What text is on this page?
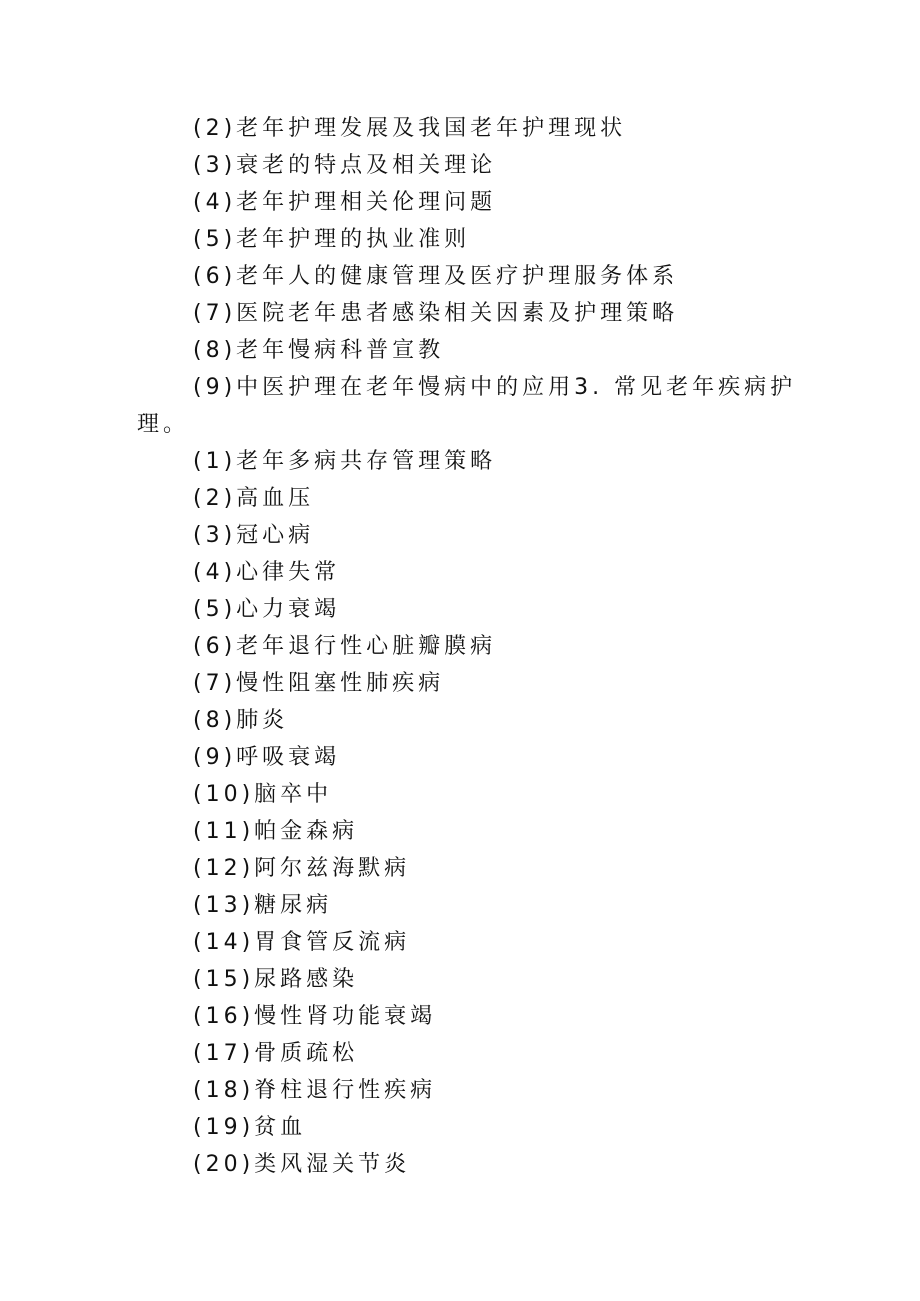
(2)老年护理发展及我国老年护理现状
(3)衰老的特点及相关理论
(4)老年护理相关伦理问题
(5)老年护理的执业准则
(6)老年人的健康管理及医疗护理服务体系
(7)医院老年患者感染相关因素及护理策略
(8)老年慢病科普宣教
(9)中医护理在老年慢病中的应用3. 常见老年疾病护
理。
(1)老年多病共存管理策略
(2)高血压
(3)冠心病
(4)心律失常
(5)心力衰竭
(6)老年退行性心脏瓣膜病
(7)慢性阻塞性肺疾病
(8)肺炎
(9)呼吸衰竭
(10)脑卒中
(11)帕金森病
(12)阿尔兹海默病
(13)糖尿病
(14)胃食管反流病
(15)尿路感染
(16)慢性肾功能衰竭
(17)骨质疏松
(18)脊柱退行性疾病
(19)贫血
(20)类风湿关节炎
